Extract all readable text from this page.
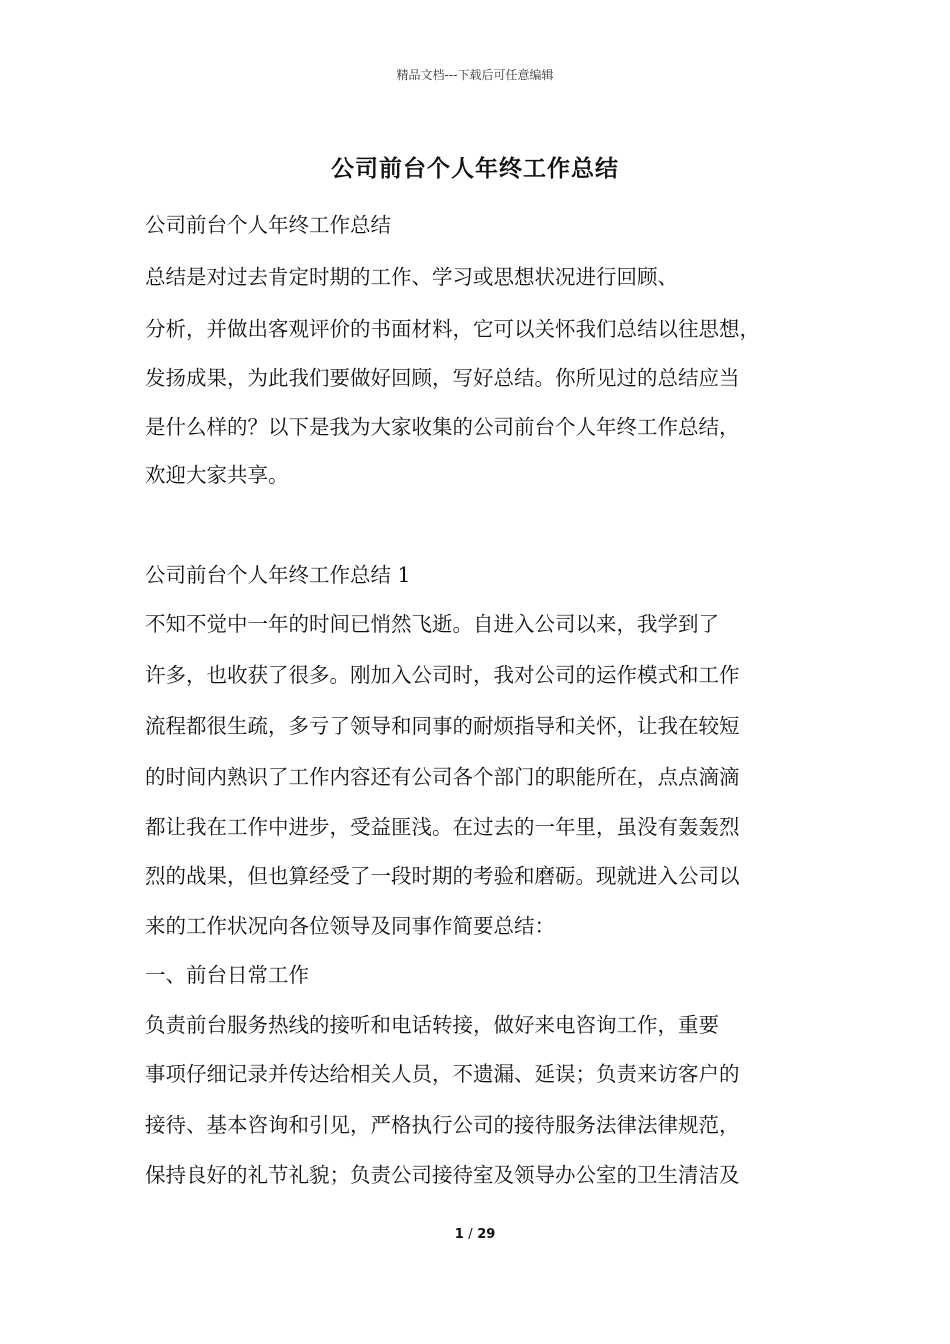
精品文档---下载后可任意编辑
公司前台个人年终工作总结
公司前台个人年终工作总结
总结是对过去肯定时期的工作、学习或思想状况进行回顾、
分析，并做出客观评价的书面材料，它可以关怀我们总结以往思想，
发扬成果，为此我们要做好回顾，写好总结。你所见过的总结应当
是什么样的？以下是我为大家收集的公司前台个人年终工作总结，
欢迎大家共享。
公司前台个人年终工作总结 1
不知不觉中一年的时间已悄然飞逝。自进入公司以来，我学到了
许多，也收获了很多。刚加入公司时，我对公司的运作模式和工作
流程都很生疏，多亏了领导和同事的耐烦指导和关怀，让我在较短
的时间内熟识了工作内容还有公司各个部门的职能所在，点点滴滴
都让我在工作中进步，受益匪浅。在过去的一年里，虽没有轰轰烈
烈的战果，但也算经受了一段时期的考验和磨砺。现就进入公司以
来的工作状况向各位领导及同事作简要总结：
一、前台日常工作
负责前台服务热线的接听和电话转接，做好来电咨询工作，重要
事项仔细记录并传达给相关人员，不遗漏、延误；负责来访客户的
接待、基本咨询和引见，严格执行公司的接待服务法律法律规范，
保持良好的礼节礼貌；负责公司接待室及领导办公室的卫生清洁及
1 / 29
